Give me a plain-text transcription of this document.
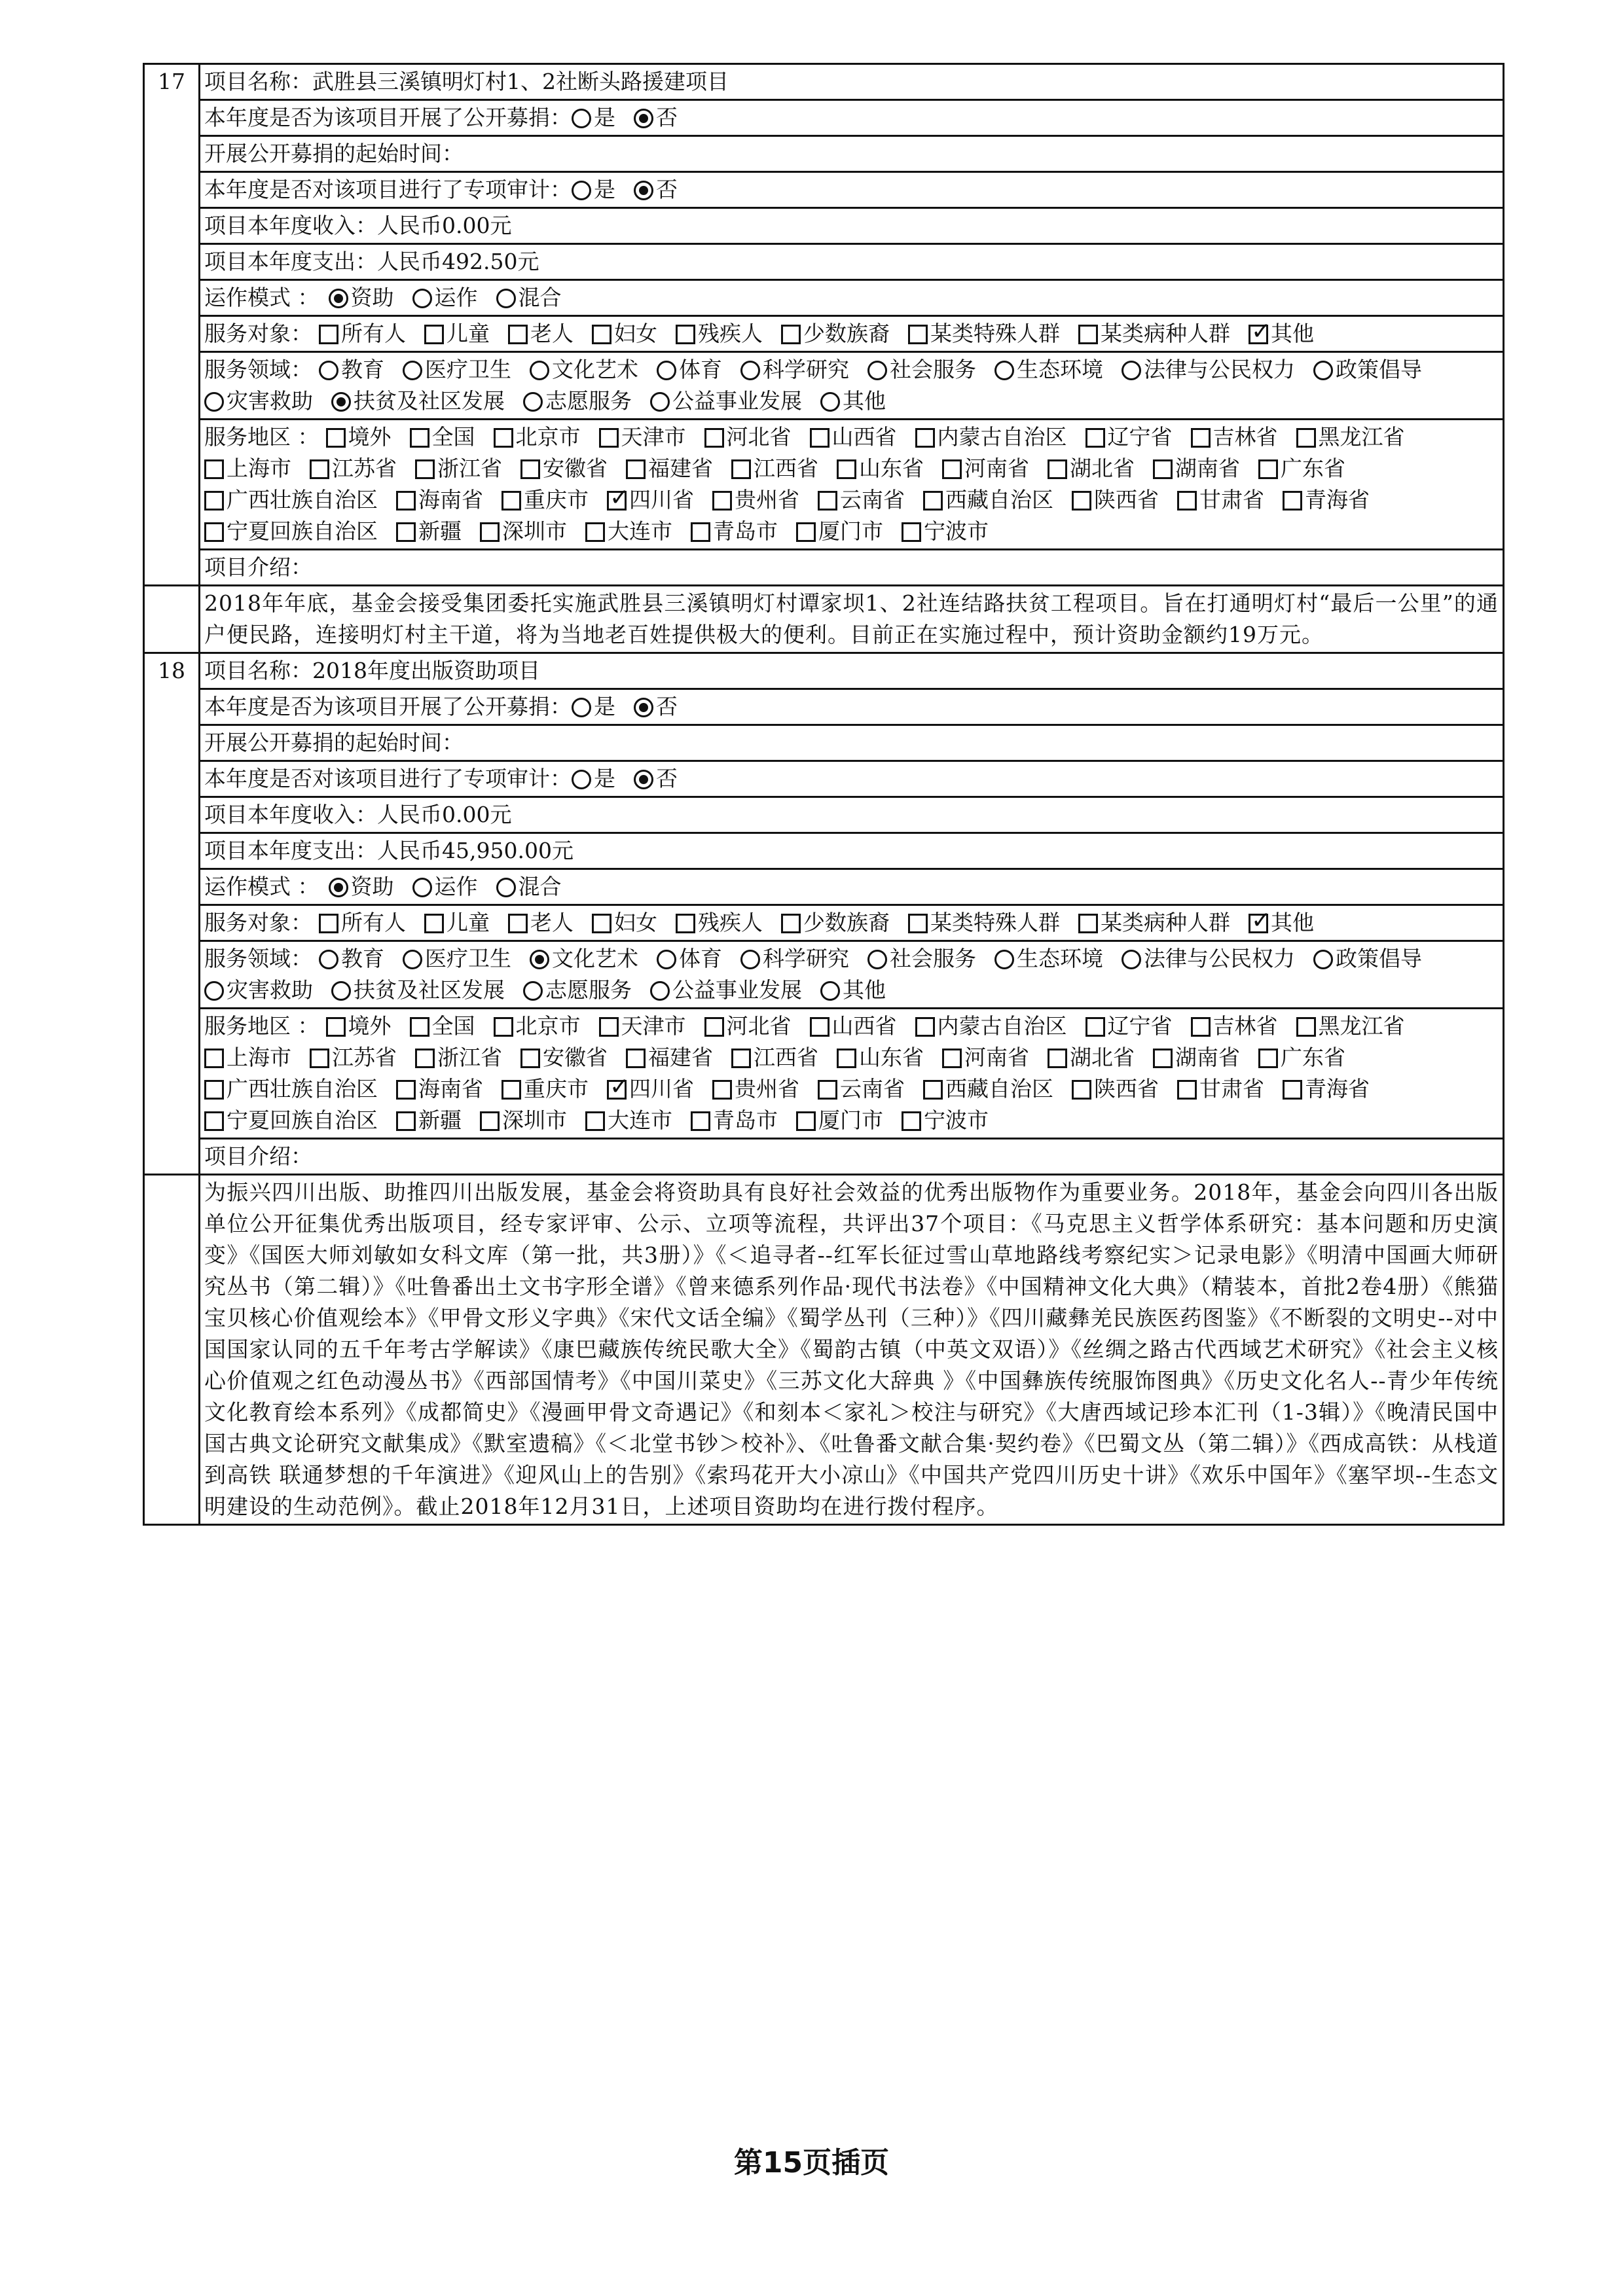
17	项目名称：武胜县三溪镇明灯村1、2社断头路援建项目
	本年度是否为该项目开展了公开募捐： 是 否
	开展公开募捐的起始时间：
	本年度是否对该项目进行了专项审计： 是 否
	项目本年度收入：人民币0.00元
	项目本年度支出：人民币492.50元
	运作模式 ： 资助 运作 混合
	服务对象： 所有人 儿童 老人 妇女 残疾人 少数族裔 某类特殊人群 某类病种人群 ✓ 其他
	服务领域： 教育 医疗卫生 文化艺术 体育 科学研究 社会服务 生态环境 法律与公民权力 政策倡导灾害救助 扶贫及社区发展 志愿服务 公益事业发展 其他
	服务地区 ： 境外 全国 北京市 天津市 河北省 山西省 内蒙古自治区 辽宁省 吉林省 黑龙江省上海市 江苏省 浙江省 安徽省 福建省 江西省 山东省 河南省 湖北省 湖南省 广东省广西壮族自治区 海南省 重庆市 ✓ 四川省 贵州省 云南省 西藏自治区 陕西省 甘肃省 青海省宁夏回族自治区 新疆 深圳市 大连市 青岛市 厦门市 宁波市
	项目介绍：
	2018年年底，基金会接受集团委托实施武胜县三溪镇明灯村谭家坝1、2社连结路扶贫工程项目。旨在打通明灯村“最后一公里”的通户便民路，连接明灯村主干道，将为当地老百姓提供极大的便利。目前正在实施过程中，预计资助金额约19万元。
18	项目名称：2018年度出版资助项目
	本年度是否为该项目开展了公开募捐： 是 否
	开展公开募捐的起始时间：
	本年度是否对该项目进行了专项审计： 是 否
	项目本年度收入：人民币0.00元
	项目本年度支出：人民币45,950.00元
	运作模式 ： 资助 运作 混合
	服务对象： 所有人 儿童 老人 妇女 残疾人 少数族裔 某类特殊人群 某类病种人群 ✓ 其他
	服务领域： 教育 医疗卫生 文化艺术 体育 科学研究 社会服务 生态环境 法律与公民权力 政策倡导灾害救助 扶贫及社区发展 志愿服务 公益事业发展 其他
	服务地区 ： 境外 全国 北京市 天津市 河北省 山西省 内蒙古自治区 辽宁省 吉林省 黑龙江省上海市 江苏省 浙江省 安徽省 福建省 江西省 山东省 河南省 湖北省 湖南省 广东省广西壮族自治区 海南省 重庆市 ✓ 四川省 贵州省 云南省 西藏自治区 陕西省 甘肃省 青海省宁夏回族自治区 新疆 深圳市 大连市 青岛市 厦门市 宁波市
	项目介绍：
	为振兴四川出版、助推四川出版发展，基金会将资助具有良好社会效益的优秀出版物作为重要业务。2018年，基金会向四川各出版单位公开征集优秀出版项目，经专家评审、公示、立项等流程，共评出37个项目：《马克思主义哲学体系研究：基本问题和历史演变》《国医大师刘敏如女科文库（第一批，共3册）》《＜追寻者--红军长征过雪山草地路线考察纪实＞记录电影》《明清中国画大师研究丛书（第二辑）》《吐鲁番出土文书字形全谱》《曾来德系列作品·现代书法卷》《中国精神文化大典》（精装本，首批2卷4册）《熊猫宝贝核心价值观绘本》《甲骨文形义字典》《宋代文话全编》《蜀学丛刊（三种）》《四川藏彝羌民族医药图鉴》《不断裂的文明史--对中国国家认同的五千年考古学解读》《康巴藏族传统民歌大全》《蜀韵古镇（中英文双语）》《丝绸之路古代西域艺术研究》《社会主义核心价值观之红色动漫丛书》《西部国情考》《中国川菜史》《三苏文化大辞典 》《中国彝族传统服饰图典》《历史文化名人--青少年传统文化教育绘本系列》《成都简史》《漫画甲骨文奇遇记》《和刻本＜家礼＞校注与研究》《大唐西域记珍本汇刊（1-3辑）》《晚清民国中国古典文论研究文献集成》《默室遗稿》《＜北堂书钞＞校补》、《吐鲁番文献合集·契约卷》《巴蜀文丛（第二辑）》《西成高铁：从栈道到高铁 联通梦想的千年演进》《迎风山上的告别》《索玛花开大小凉山》《中国共产党四川历史十讲》《欢乐中国年》《塞罕坝--生态文明建设的生动范例》。截止2018年12月31日，上述项目资助均在进行拨付程序。
第15页插页
